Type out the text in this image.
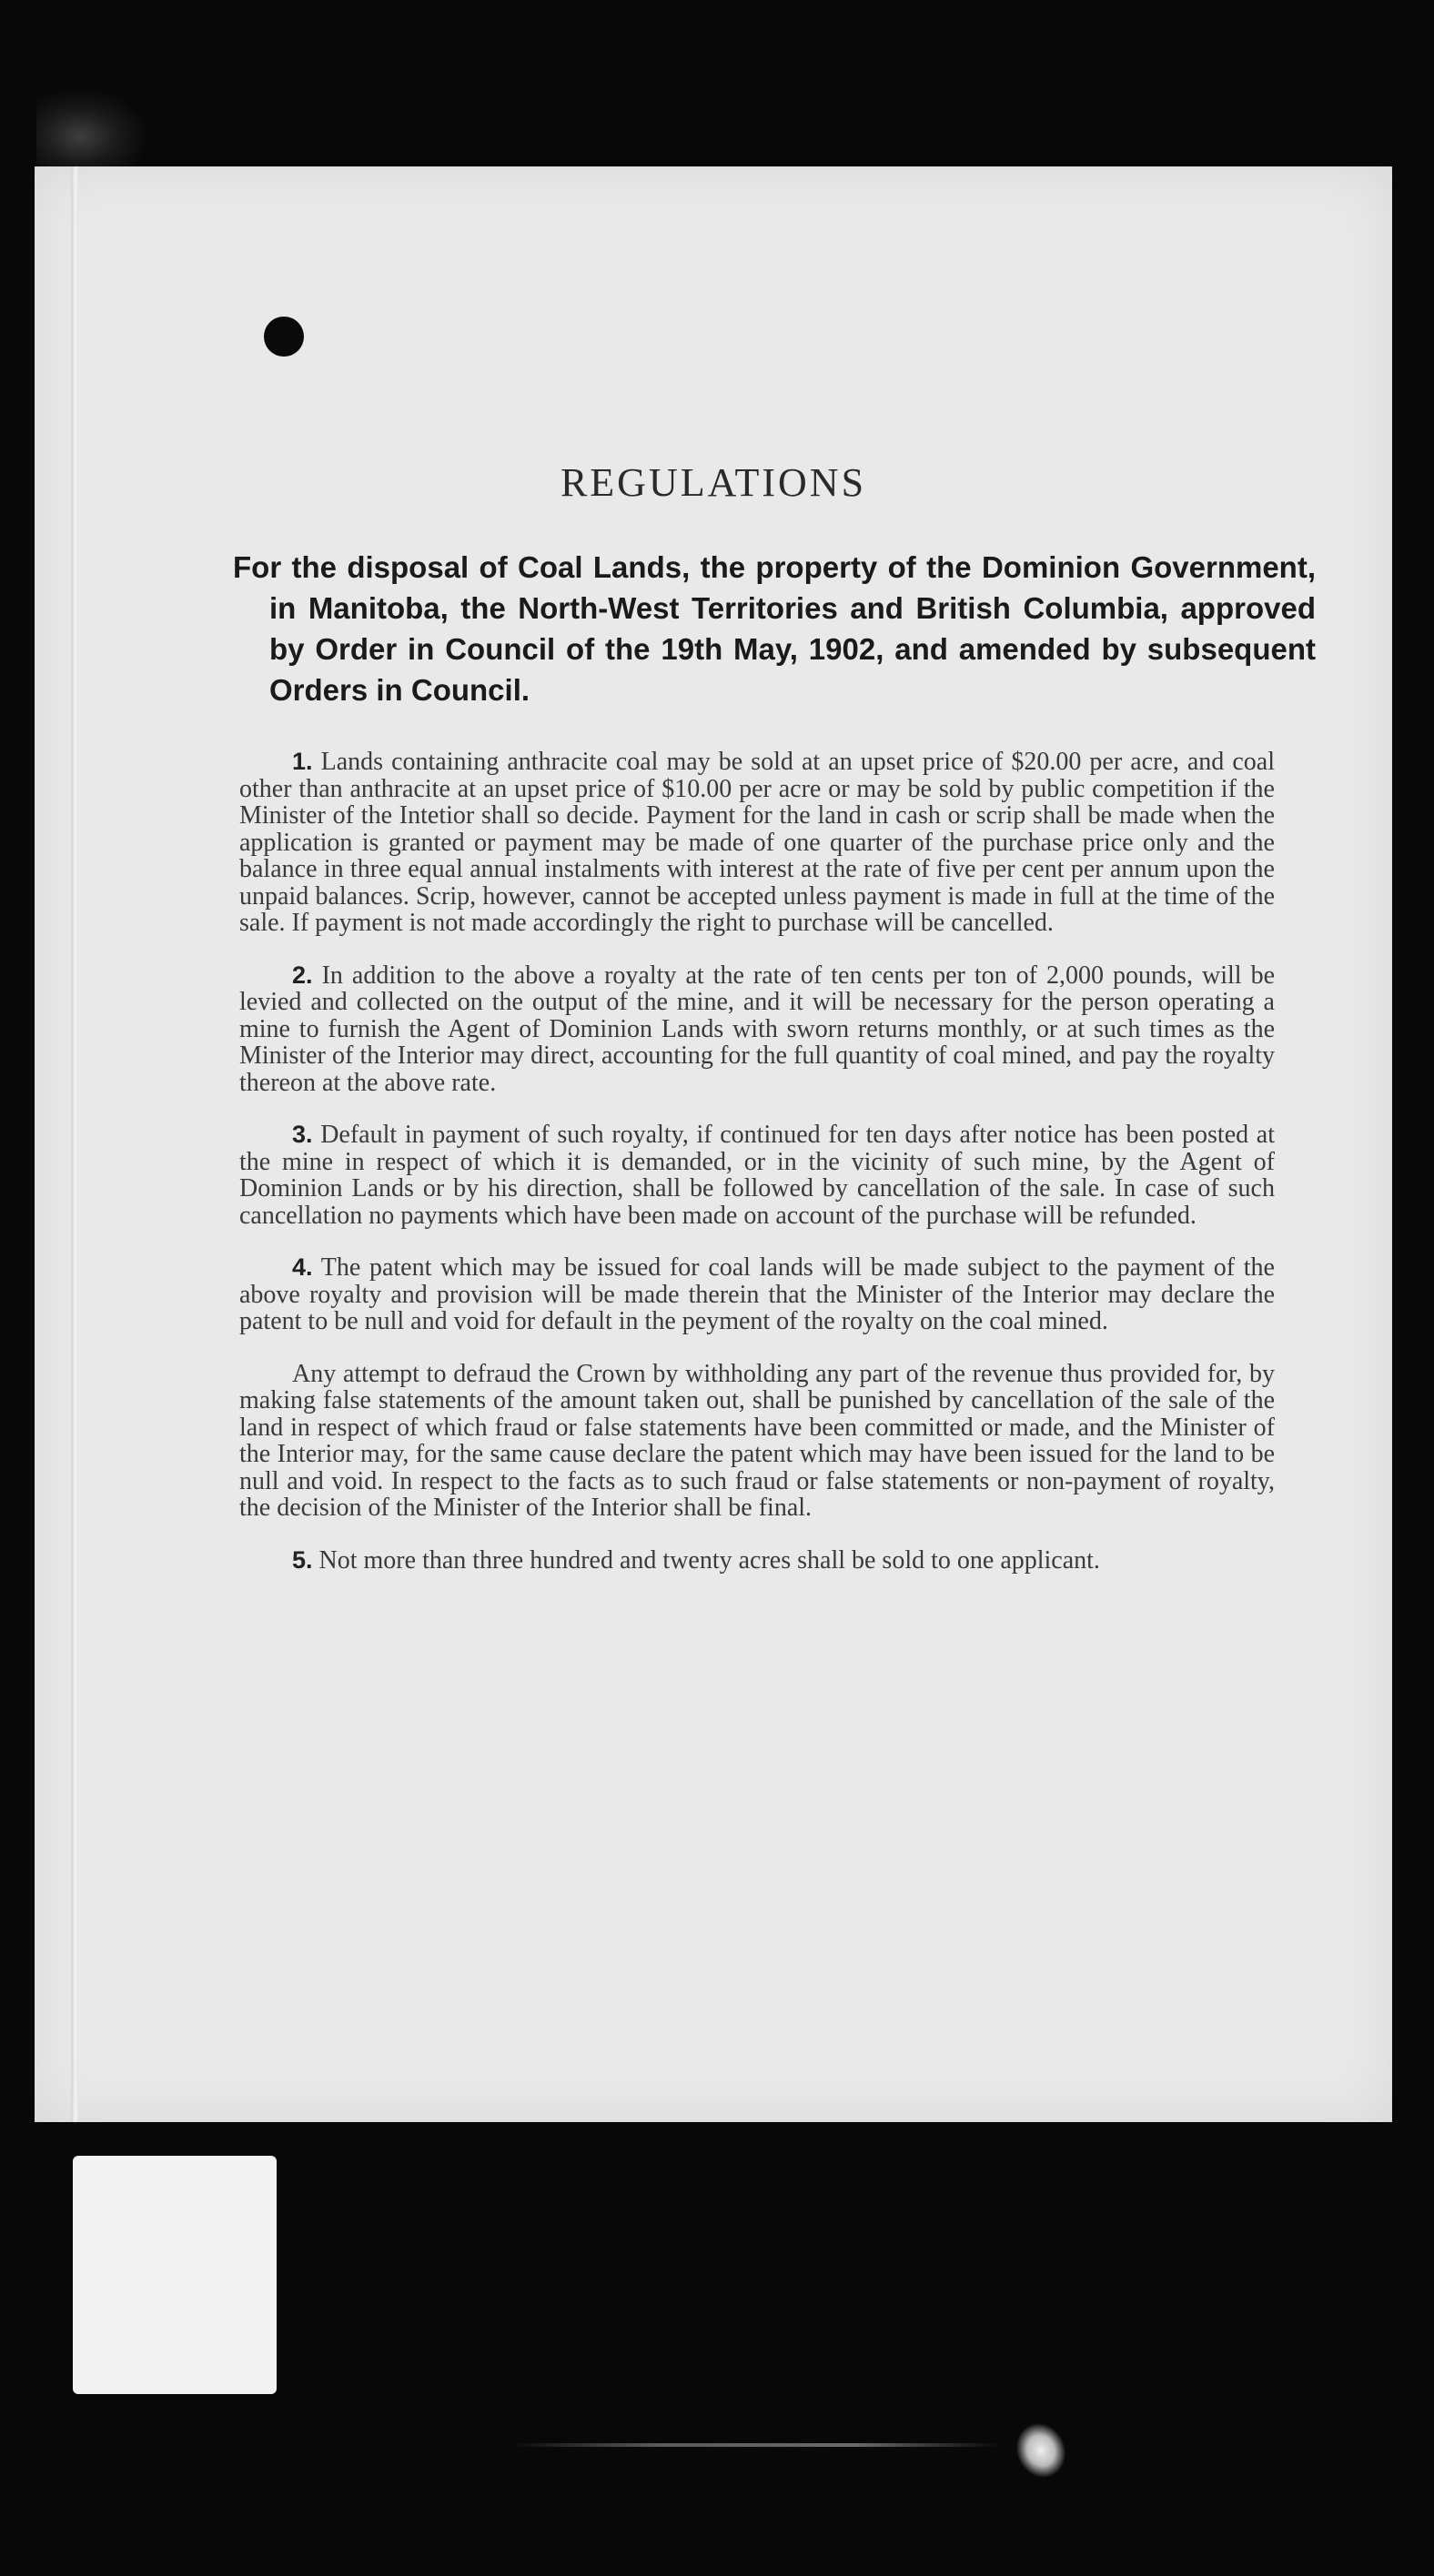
REGULATIONS
For the disposal of Coal Lands, the property of the Dominion Government, in Manitoba, the North-West Territories and British Columbia, approved by Order in Council of the 19th May, 1902, and amended by subsequent Orders in Council.

1. Lands containing anthracite coal may be sold at an upset price of $20.00 per acre, and coal other than anthracite at an upset price of $10.00 per acre or may be sold by public competition if the Minister of the Intetior shall so decide. Payment for the land in cash or scrip shall be made when the application is granted or payment may be made of one quarter of the purchase price only and the balance in three equal annual instalments with interest at the rate of five per cent per annum upon the unpaid balances. Scrip, however, cannot be accepted unless payment is made in full at the time of the sale. If payment is not made accordingly the right to purchase will be cancelled.

2. In addition to the above a royalty at the rate of ten cents per ton of 2,000 pounds, will be levied and collected on the output of the mine, and it will be necessary for the person operating a mine to furnish the Agent of Dominion Lands with sworn returns monthly, or at such times as the Minister of the Interior may direct, accounting for the full quantity of coal mined, and pay the royalty thereon at the above rate.

3. Default in payment of such royalty, if continued for ten days after notice has been posted at the mine in respect of which it is demanded, or in the vicinity of such mine, by the Agent of Dominion Lands or by his direction, shall be followed by cancellation of the sale. In case of such cancellation no payments which have been made on account of the purchase will be refunded.

4. The patent which may be issued for coal lands will be made subject to the payment of the above royalty and provision will be made therein that the Minister of the Interior may declare the patent to be null and void for default in the peyment of the royalty on the coal mined.

Any attempt to defraud the Crown by withholding any part of the revenue thus provided for, by making false statements of the amount taken out, shall be punished by cancellation of the sale of the land in respect of which fraud or false statements have been committed or made, and the Minister of the Interior may, for the same cause declare the patent which may have been issued for the land to be null and void. In respect to the facts as to such fraud or false statements or non-payment of royalty, the decision of the Minister of the Interior shall be final.

5. Not more than three hundred and twenty acres shall be sold to one applicant.
